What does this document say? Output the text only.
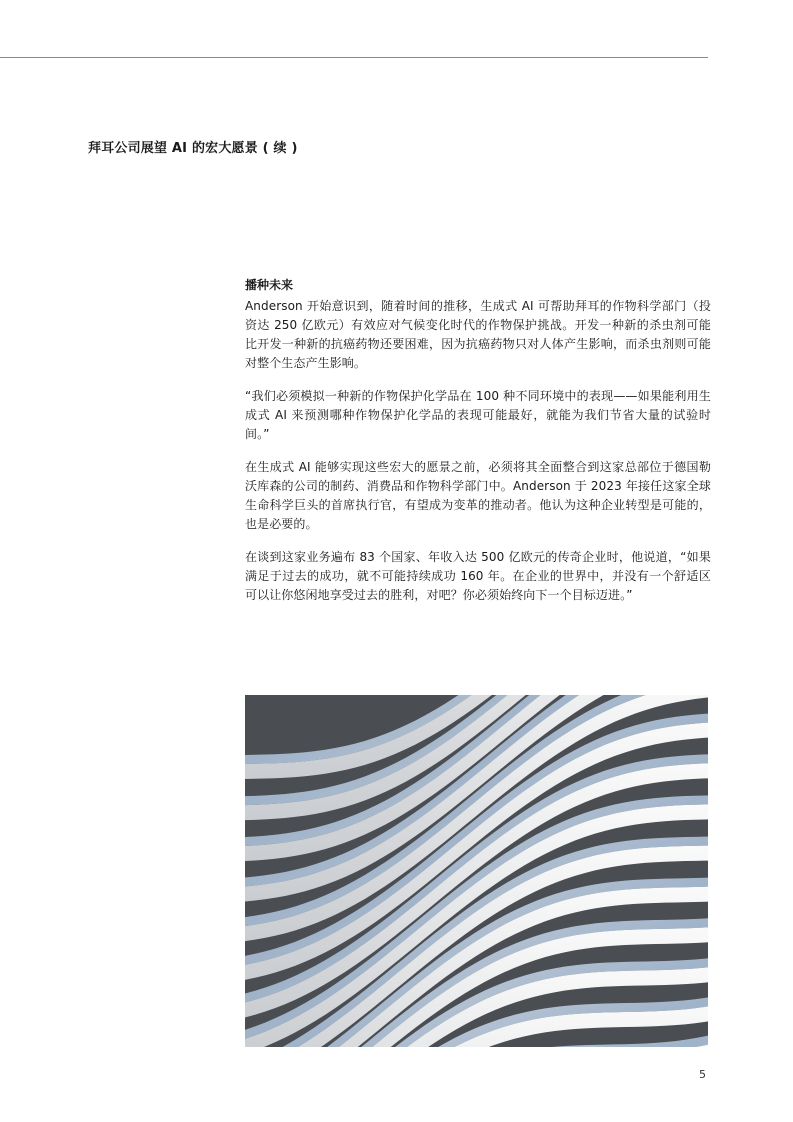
拜耳公司展望 AI 的宏大愿景 ( 续 )
播种未来

Anderson 开始意识到，随着时间的推移，生成式 AI 可帮助拜耳的作物科学部门（投资达 250 亿欧元）有效应对气候变化时代的作物保护挑战。开发一种新的杀虫剂可能比开发一种新的抗癌药物还要困难，因为抗癌药物只对人体产生影响，而杀虫剂则可能对整个生态产生影响。

“我们必须模拟一种新的作物保护化学品在 100 种不同环境中的表现——如果能利用生成式 AI 来预测哪种作物保护化学品的表现可能最好，就能为我们节省大量的试验时间。”

在生成式 AI 能够实现这些宏大的愿景之前，必须将其全面整合到这家总部位于德国勒沃库森的公司的制药、消费品和作物科学部门中。Anderson 于 2023 年接任这家全球生命科学巨头的首席执行官，有望成为变革的推动者。他认为这种企业转型是可能的，也是必要的。

在谈到这家业务遍布 83 个国家、年收入达 500 亿欧元的传奇企业时，他说道，“如果满足于过去的成功，就不可能持续成功 160 年。在企业的世界中，并没有一个舒适区可以让你悠闲地享受过去的胜利，对吧？你必须始终向下一个目标迈进。”

5
